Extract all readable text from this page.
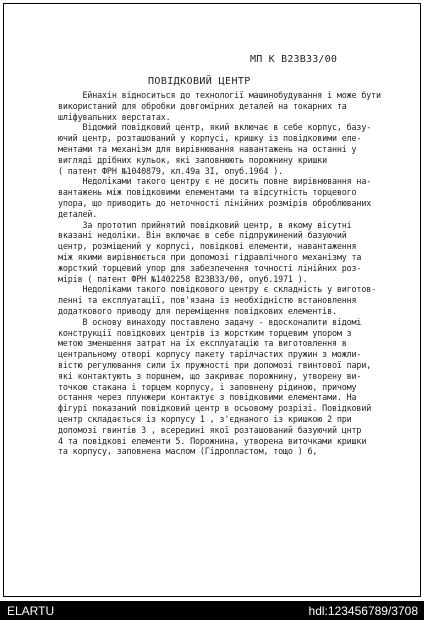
МП К В23В33/00
ПОВІДКОВИЙ ЦЕНТР
Ейнахін відноситься до технології машинобудування і може бути
використаний для обробки довгомірних деталей на токарних та
шліфувальних верстатах.
Відомий повідковий центр, який включає в себе корпус, базу-
ючий центр, розташований у корпусі, кришку із повідковими еле-
ментами та механізм для вирівнювання навантажень на останні у
вигляді дрібних кульок, які заповнюють порожнину кришки
( патент ФРН №1040879, кл.49а 3І, опуб.1964 ).
Недоліками такого центру є не досить повне вирівнювання на-
вантажень між повідковими елементами та відсутність торцевого
упора, що приводить до неточності лінійних розмірів оброблюваних
деталей.
За прототип прийнятий повідковий центр, в якому вісутні
вказані недоліки. Він включає в себе підпружинений базуючий
центр, розміщений у корпусі, повідкові елементи, навантаження
між якими вирівнюється при допомозі гідравлічного механізму та
жорсткий торцевий упор для забезпечення точності лінійних роз-
мірів ( патент ФРН №1402258 В23В33/00, опуб.1971 ).
Недоліками такого повідкового центру є складність у виготов-
ленні та експлуатації, пов'язана із необхідністю встановлення
додаткового приводу для переміщення повідкових елементів.
В основу винаходу поставлено задачу - вдосконалити відомі
конструкції повідкових центрів із жорстким торцевим упором з
метою зменшення затрат на їх експлуатацію та виготовлення в
центральному отворі корпусу пакету тарілчастих пружин з можли-
вістю регулювання сили їх пружності при допомозі гвинтової пари,
які контактують з поршнем, що закриває порожнину, утворену ви-
точкою стакана і торцем корпусу, і заповнену рідиною, причому
остання через плунжери контактує з повідковими елементами. На
фігурі показаний повідковий центр в осьовому розрізі. Повідковий
центр складається із корпусу 1 , з'єднаного із кришкою 2 при
допомозі гвинтів 3 , всередині якої розташований базуючий цнтр
4 та повідкові елементи 5. Порожнина, утворена виточками кришки
та корпусу, заповнена маслом (Гідропластом, тощо ) 6,
ELARTU	hdl:123456789/3708
